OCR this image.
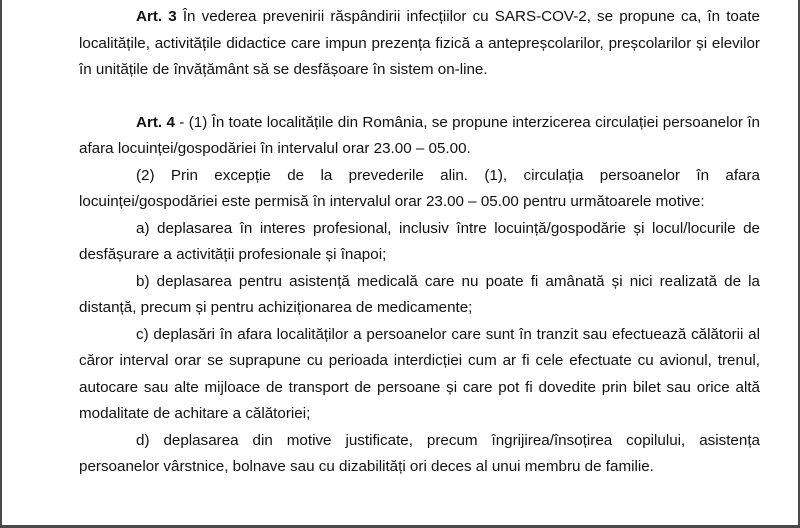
Art. 3 În vederea prevenirii răspândirii infecțiilor cu SARS-COV-2, se propune ca, în toate localitățile, activitățile didactice care impun prezența fizică a antepreșcolarilor, preșcolarilor și elevilor în unitățile de învățământ să se desfășoare în sistem on-line.

Art. 4 - (1) În toate localitățile din România, se propune interzicerea circulației persoanelor în afara locuinței/gospodăriei în intervalul orar 23.00 – 05.00.

(2) Prin excepție de la prevederile alin. (1), circulația persoanelor în afara locuinței/gospodăriei este permisă în intervalul orar 23.00 – 05.00 pentru următoarele motive:

a) deplasarea în interes profesional, inclusiv între locuință/gospodărie și locul/locurile de desfășurare a activității profesionale și înapoi;

b) deplasarea pentru asistență medicală care nu poate fi amânată și nici realizată de la distanță, precum și pentru achiziționarea de medicamente;

c) deplasări în afara localităților a persoanelor care sunt în tranzit sau efectuează călătorii al căror interval orar se suprapune cu perioada interdicției cum ar fi cele efectuate cu avionul, trenul, autocare sau alte mijloace de transport de persoane și care pot fi dovedite prin bilet sau orice altă modalitate de achitare a călătoriei;

d) deplasarea din motive justificate, precum îngrijirea/însoțirea copilului, asistența persoanelor vârstnice, bolnave sau cu dizabilități ori deces al unui membru de familie.
